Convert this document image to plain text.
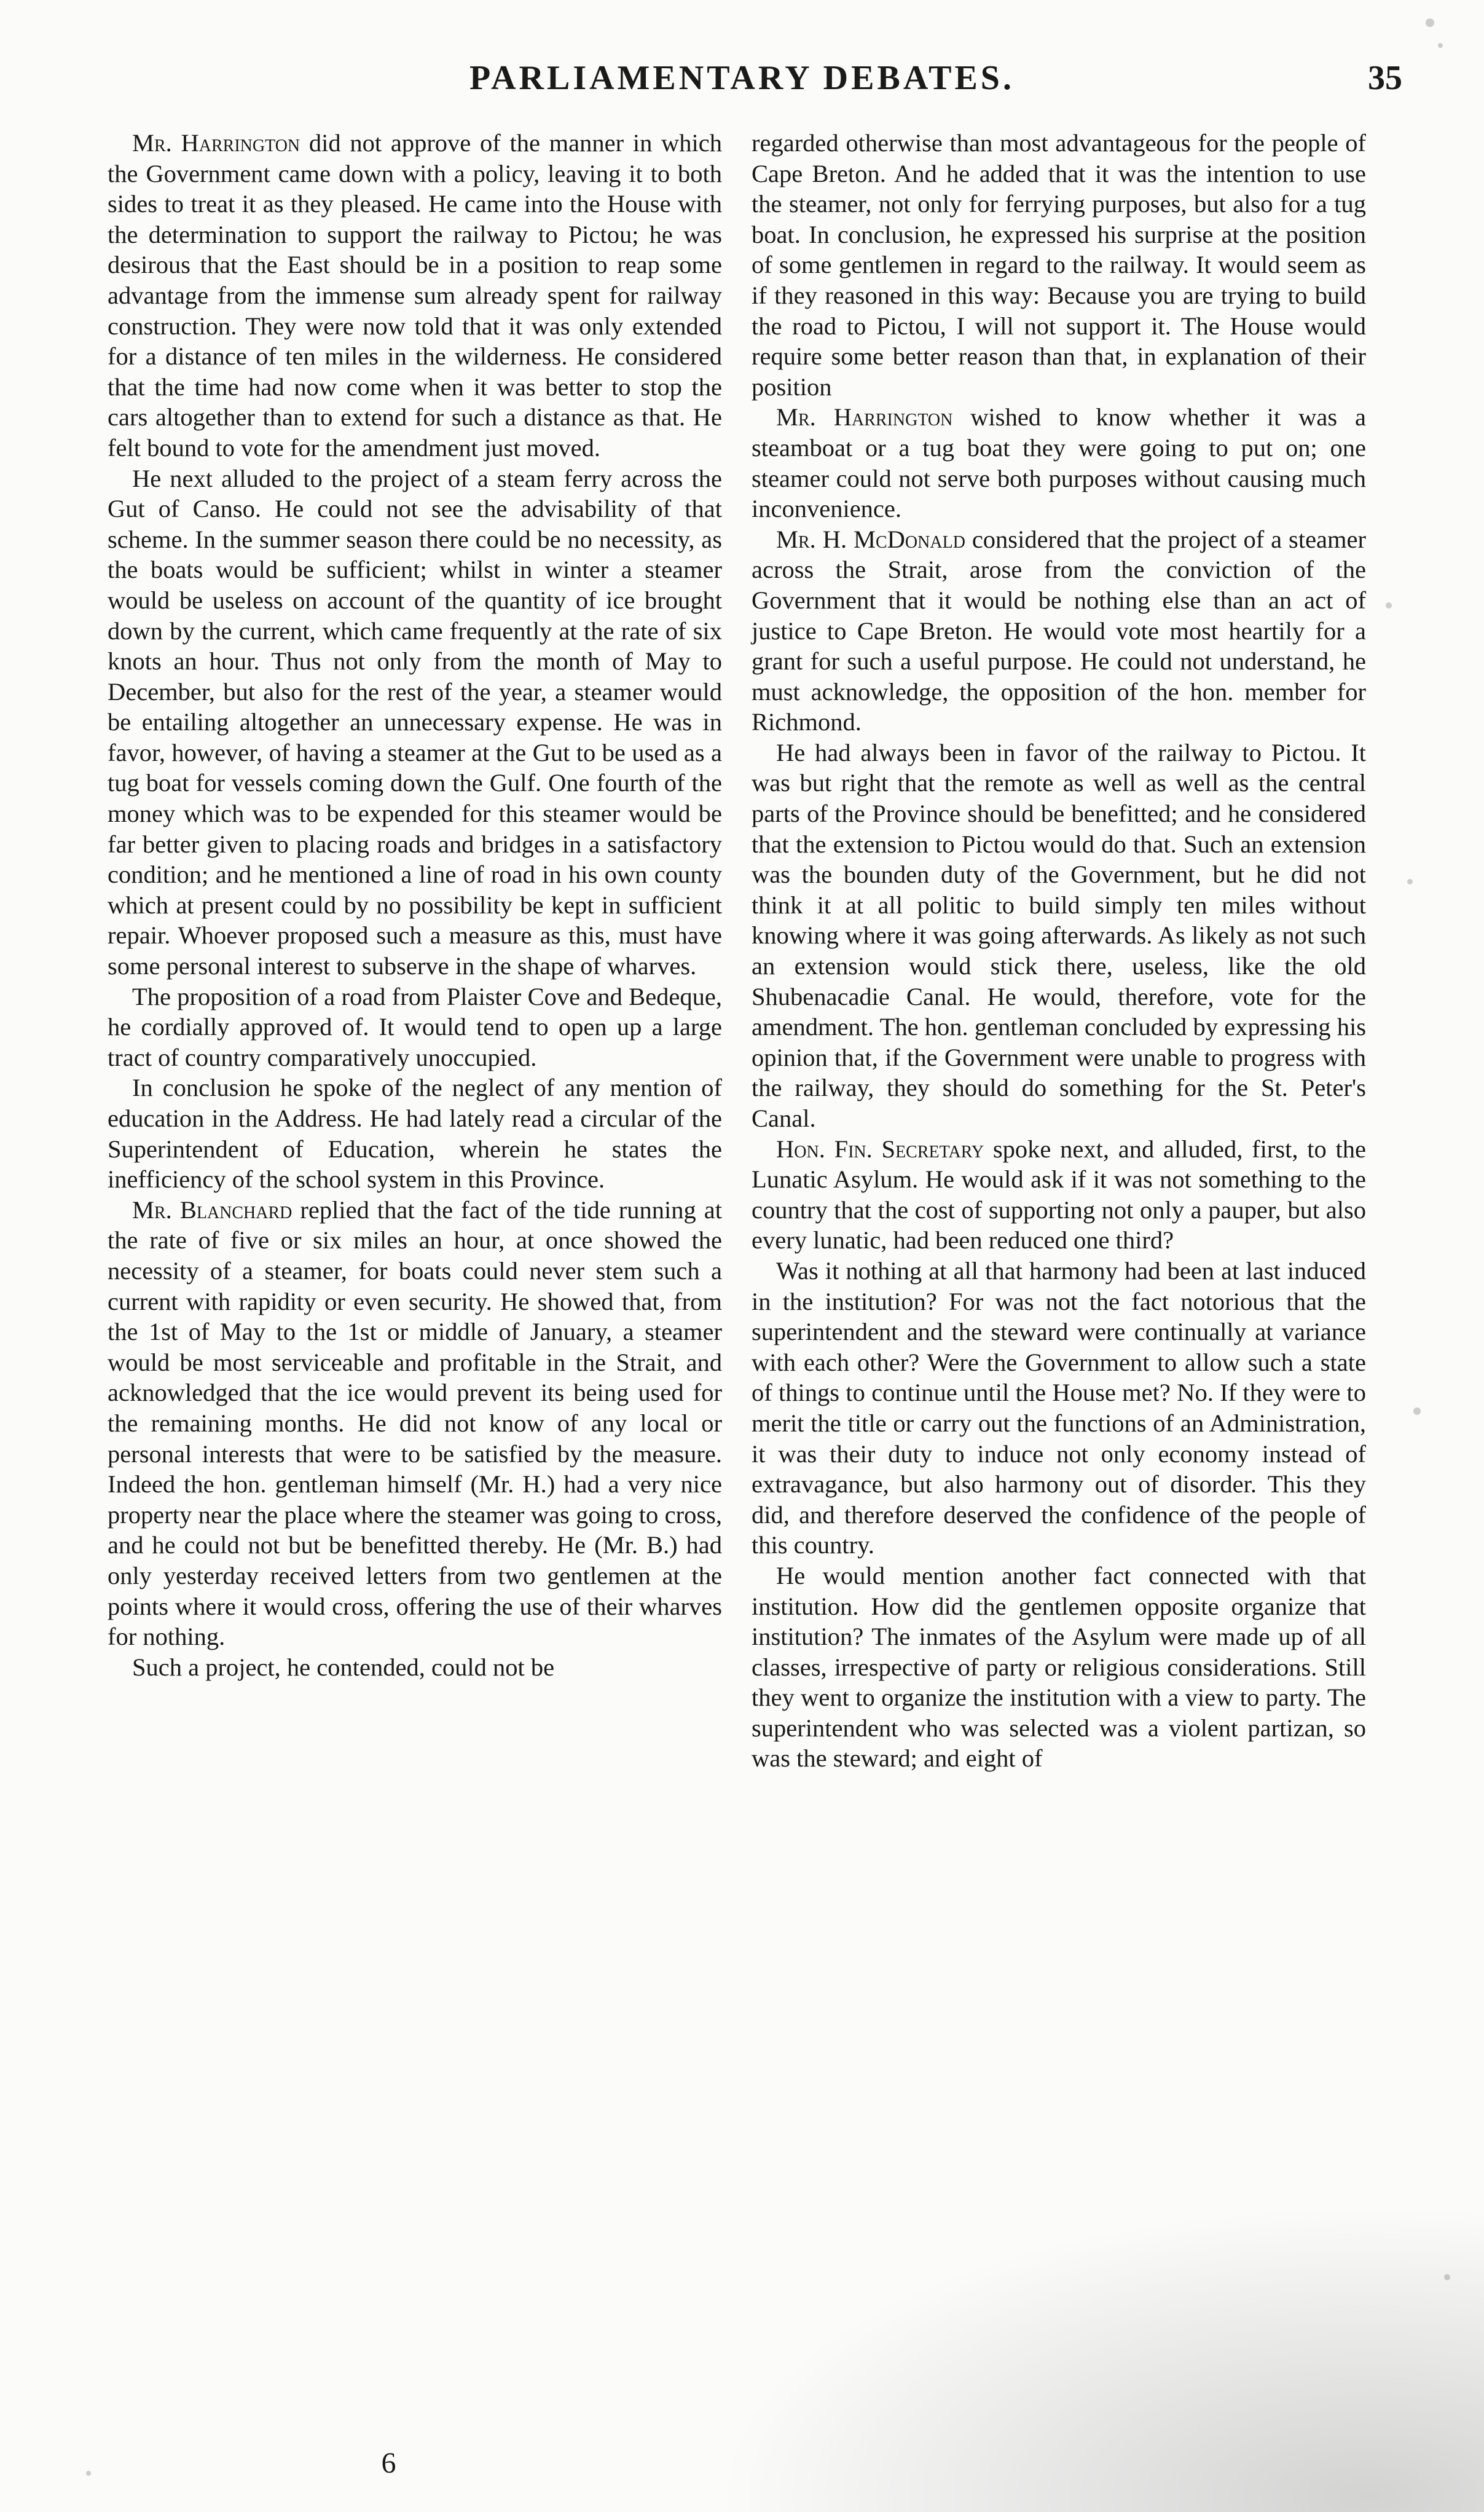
PARLIAMENTARY DEBATES.	35

Mr. Harrington did not approve of the manner in which the Government came down with a policy, leaving it to both sides to treat it as they pleased. He came into the House with the determination to support the railway to Pictou; he was desirous that the East should be in a position to reap some advantage from the immense sum already spent for railway construction. They were now told that it was only extended for a distance of ten miles in the wilderness. He considered that the time had now come when it was better to stop the cars altogether than to extend for such a distance as that. He felt bound to vote for the amendment just moved.

He next alluded to the project of a steam ferry across the Gut of Canso. He could not see the advisability of that scheme. In the summer season there could be no necessity, as the boats would be sufficient; whilst in winter a steamer would be useless on account of the quantity of ice brought down by the current, which came frequently at the rate of six knots an hour. Thus not only from the month of May to December, but also for the rest of the year, a steamer would be entailing altogether an unnecessary expense. He was in favor, however, of having a steamer at the Gut to be used as a tug boat for vessels coming down the Gulf. One fourth of the money which was to be expended for this steamer would be far better given to placing roads and bridges in a satisfactory condition; and he mentioned a line of road in his own county which at present could by no possibility be kept in sufficient repair. Whoever proposed such a measure as this, must have some personal interest to subserve in the shape of wharves.

The proposition of a road from Plaister Cove and Bedeque, he cordially approved of. It would tend to open up a large tract of country comparatively unoccupied.

In conclusion he spoke of the neglect of any mention of education in the Address. He had lately read a circular of the Superintendent of Education, wherein he states the inefficiency of the school system in this Province.

Mr. Blanchard replied that the fact of the tide running at the rate of five or six miles an hour, at once showed the necessity of a steamer, for boats could never stem such a current with rapidity or even security. He showed that, from the 1st of May to the 1st or middle of January, a steamer would be most serviceable and profitable in the Strait, and acknowledged that the ice would prevent its being used for the remaining months. He did not know of any local or personal interests that were to be satisfied by the measure. Indeed the hon. gentleman himself (Mr. H.) had a very nice property near the place where the steamer was going to cross, and he could not but be benefitted thereby. He (Mr. B.) had only yesterday received letters from two gentlemen at the points where it would cross, offering the use of their wharves for nothing.

Such a project, he contended, could not be

regarded otherwise than most advantageous for the people of Cape Breton. And he added that it was the intention to use the steamer, not only for ferrying purposes, but also for a tug boat. In conclusion, he expressed his surprise at the position of some gentlemen in regard to the railway. It would seem as if they reasoned in this way: Because you are trying to build the road to Pictou, I will not support it. The House would require some better reason than that, in explanation of their position

Mr. Harrington wished to know whether it was a steamboat or a tug boat they were going to put on; one steamer could not serve both purposes without causing much inconvenience.

Mr. H. McDonald considered that the project of a steamer across the Strait, arose from the conviction of the Government that it would be nothing else than an act of justice to Cape Breton. He would vote most heartily for a grant for such a useful purpose. He could not understand, he must acknowledge, the opposition of the hon. member for Richmond.

He had always been in favor of the railway to Pictou. It was but right that the remote as well as well as the central parts of the Province should be benefitted; and he considered that the extension to Pictou would do that. Such an extension was the bounden duty of the Government, but he did not think it at all politic to build simply ten miles without knowing where it was going afterwards. As likely as not such an extension would stick there, useless, like the old Shubenacadie Canal. He would, therefore, vote for the amendment. The hon. gentleman concluded by expressing his opinion that, if the Government were unable to progress with the railway, they should do something for the St. Peter's Canal.

Hon. Fin. Secretary spoke next, and alluded, first, to the Lunatic Asylum. He would ask if it was not something to the country that the cost of supporting not only a pauper, but also every lunatic, had been reduced one third?

Was it nothing at all that harmony had been at last induced in the institution? For was not the fact notorious that the superintendent and the steward were continually at variance with each other? Were the Government to allow such a state of things to continue until the House met? No. If they were to merit the title or carry out the functions of an Administration, it was their duty to induce not only economy instead of extravagance, but also harmony out of disorder. This they did, and therefore deserved the confidence of the people of this country.

He would mention another fact connected with that institution. How did the gentlemen opposite organize that institution? The inmates of the Asylum were made up of all classes, irrespective of party or religious considerations. Still they went to organize the institution with a view to party. The superintendent who was selected was a violent partizan, so was the steward; and eight of

6
